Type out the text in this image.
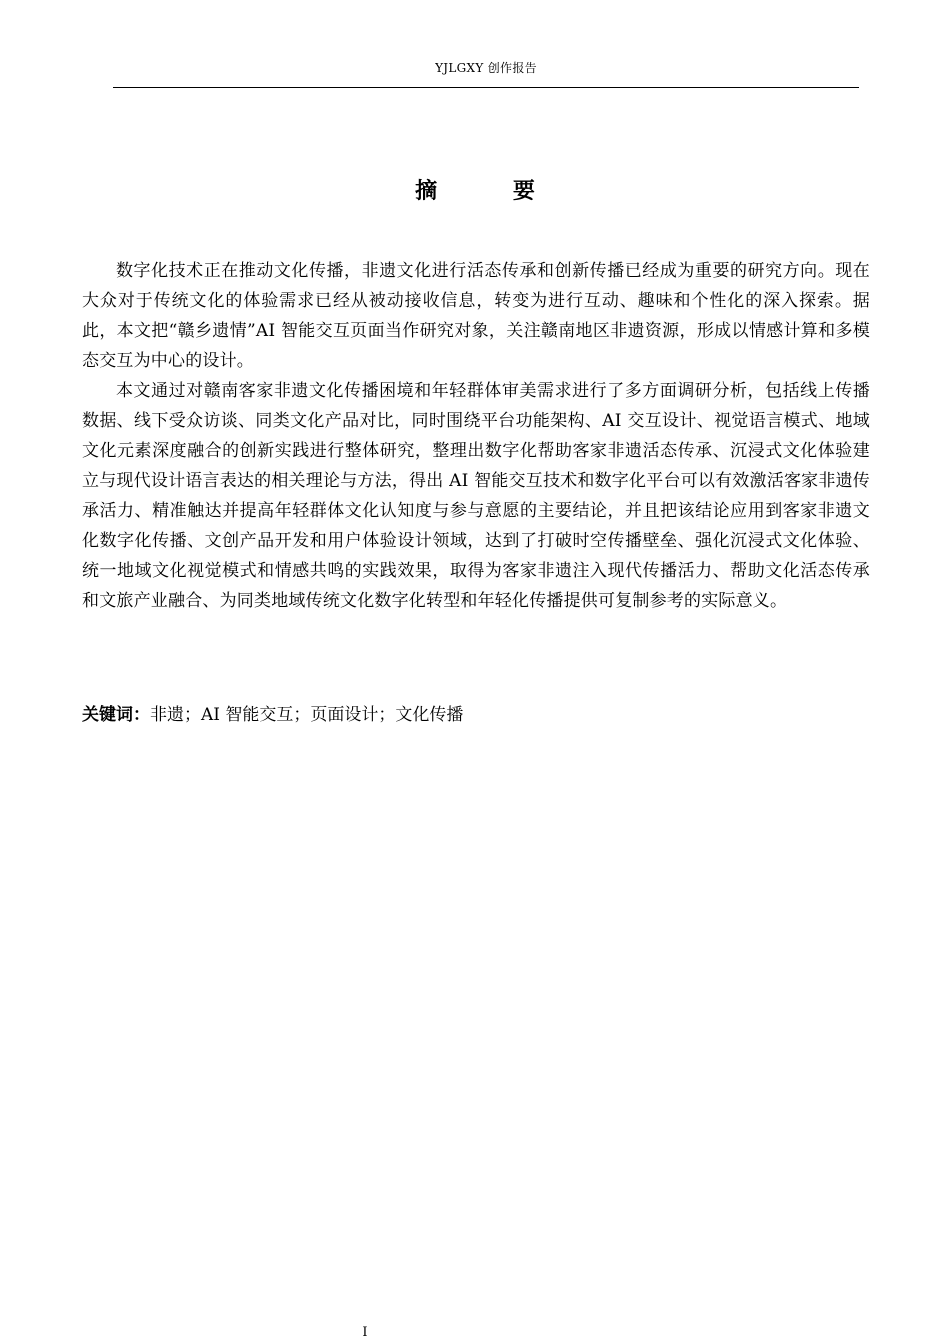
YJLGXY 创作报告
摘 要

数字化技术正在推动文化传播，非遗文化进行活态传承和创新传播已经成为重要的研究方向。现在大众对于传统文化的体验需求已经从被动接收信息，转变为进行互动、趣味和个性化的深入探索。据此，本文把“赣乡遗情”AI 智能交互页面当作研究对象，关注赣南地区非遗资源，形成以情感计算和多模态交互为中心的设计。

本文通过对赣南客家非遗文化传播困境和年轻群体审美需求进行了多方面调研分析，包括线上传播数据、线下受众访谈、同类文化产品对比，同时围绕平台功能架构、AI 交互设计、视觉语言模式、地域文化元素深度融合的创新实践进行整体研究，整理出数字化帮助客家非遗活态传承、沉浸式文化体验建立与现代设计语言表达的相关理论与方法，得出 AI 智能交互技术和数字化平台可以有效激活客家非遗传承活力、精准触达并提高年轻群体文化认知度与参与意愿的主要结论，并且把该结论应用到客家非遗文化数字化传播、文创产品开发和用户体验设计领域，达到了打破时空传播壁垒、强化沉浸式文化体验、统一地域文化视觉模式和情感共鸣的实践效果，取得为客家非遗注入现代传播活力、帮助文化活态传承和文旅产业融合、为同类地域传统文化数字化转型和年轻化传播提供可复制参考的实际意义。

关键词：非遗；AI 智能交互；页面设计；文化传播
I
